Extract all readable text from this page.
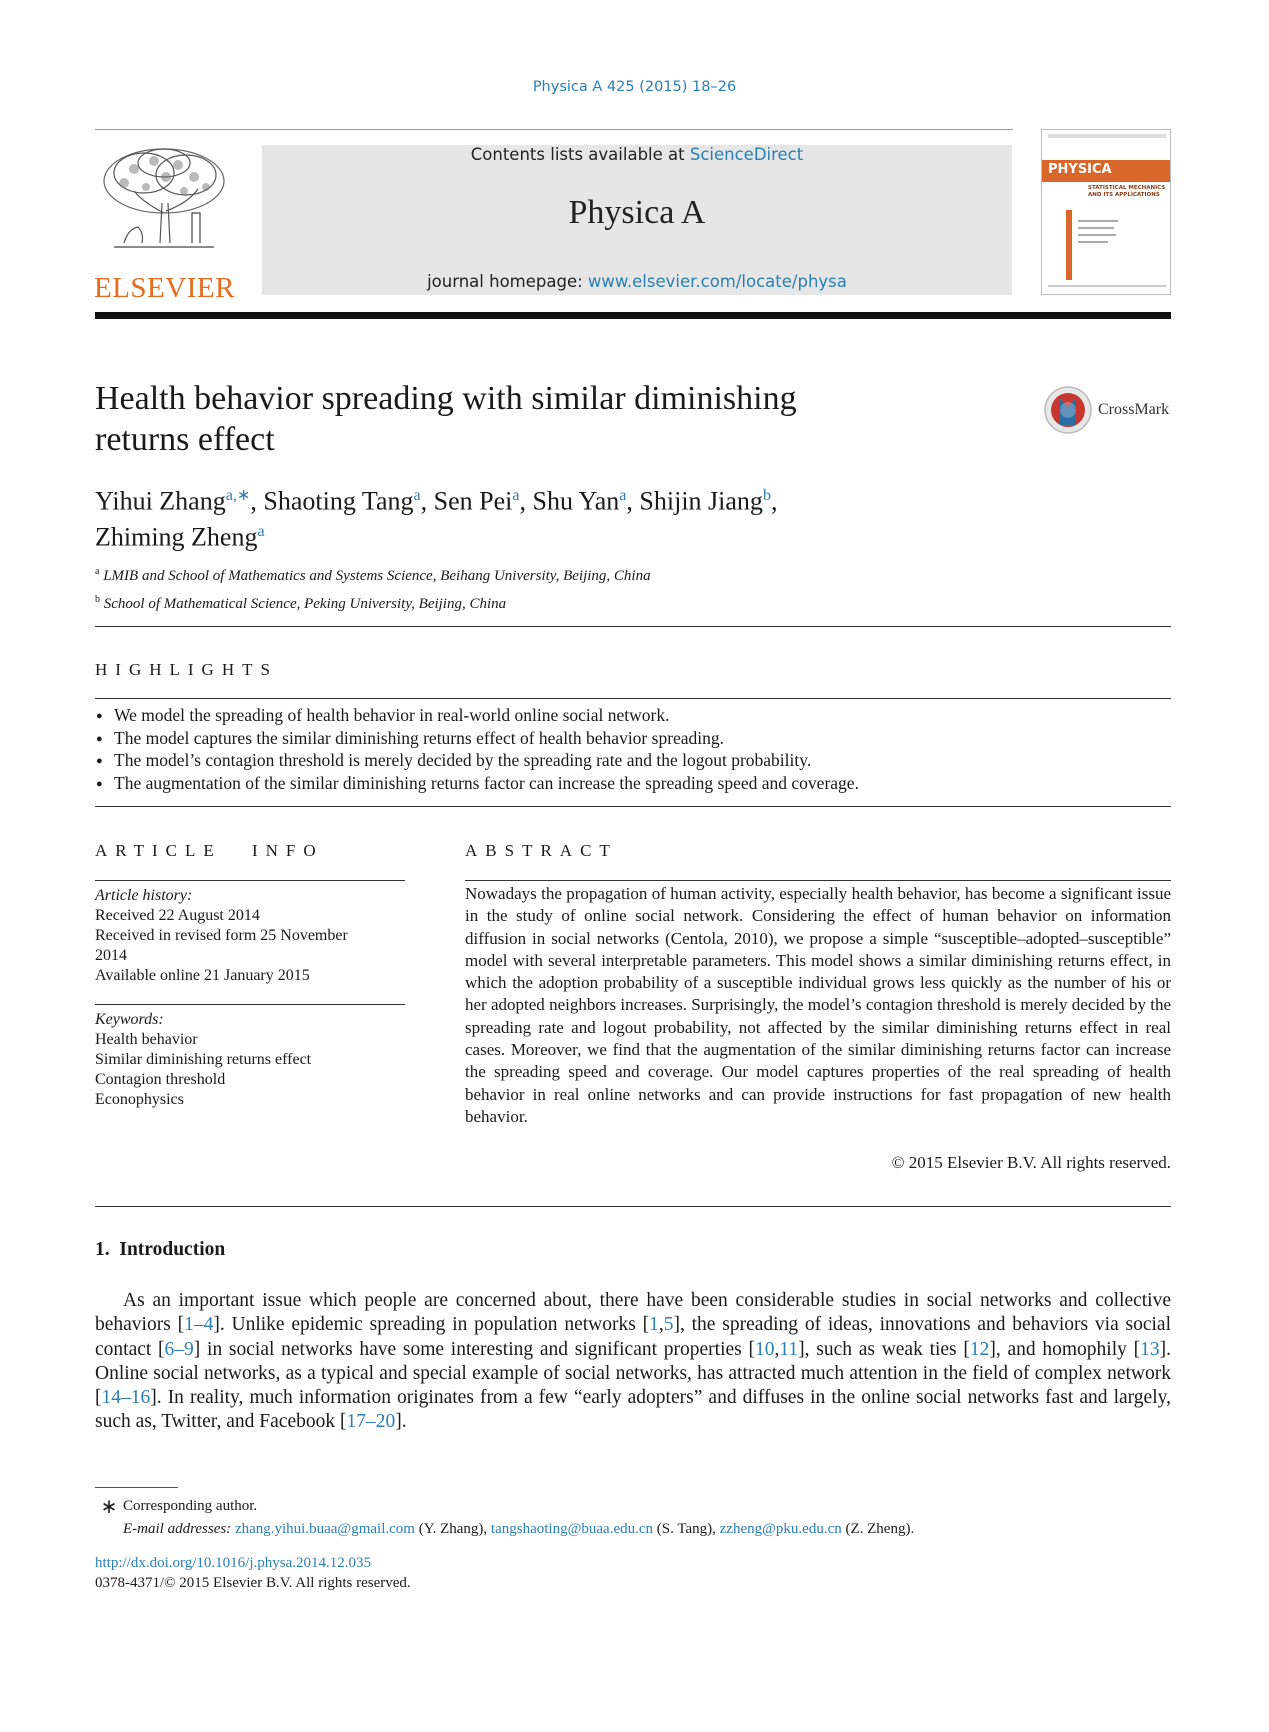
Physica A 425 (2015) 18–26
ELSEVIER
Contents lists available at ScienceDirect
Physica A
journal homepage: www.elsevier.com/locate/physa
PHYSICA
STATISTICAL MECHANICS AND ITS APPLICATIONS
Health behavior spreading with similar diminishing
returns effect
CrossMark
Yihui Zhang$^{a,∗}$, Shaoting Tang$^a$, Sen Pei$^a$, Shu Yan$^a$, Shijin Jiang$^b$,
Zhiming Zheng$^a$
$^a$ LMIB and School of Mathematics and Systems Science, Beihang University, Beijing, China
$^b$ School of Mathematical Science, Peking University, Beijing, China
HIGHLIGHTS
● We model the spreading of health behavior in real-world online social network.
● The model captures the similar diminishing returns effect of health behavior spreading.
● The model’s contagion threshold is merely decided by the spreading rate and the logout probability.
● The augmentation of the similar diminishing returns factor can increase the spreading speed and coverage.
ARTICLE INFO
Article history:
Received 22 August 2014
Received in revised form 25 November
2014
Available online 21 January 2015
Keywords:
Health behavior
Similar diminishing returns effect
Contagion threshold
Econophysics
ABSTRACT
Nowadays the propagation of human activity, especially health behavior, has become a significant issue in the study of online social network. Considering the effect of human behavior on information diffusion in social networks (Centola, 2010), we propose a simple “susceptible–adopted–susceptible” model with several interpretable parameters. This model shows a similar diminishing returns effect, in which the adoption probability of a susceptible individual grows less quickly as the number of his or her adopted neighbors increases. Surprisingly, the model’s contagion threshold is merely decided by the spreading rate and logout probability, not affected by the similar diminishing returns effect in real cases. Moreover, we find that the augmentation of the similar diminishing returns factor can increase the spreading speed and coverage. Our model captures properties of the real spreading of health behavior in real online networks and can provide instructions for fast propagation of new health behavior.
© 2015 Elsevier B.V. All rights reserved.
1.  Introduction

As an important issue which people are concerned about, there have been considerable studies in social networks and collective behaviors [1–4]. Unlike epidemic spreading in population networks [1,5], the spreading of ideas, innovations and behaviors via social contact [6–9] in social networks have some interesting and significant properties [10,11], such as weak ties [12], and homophily [13]. Online social networks, as a typical and special example of social networks, has attracted much attention in the field of complex network [14–16]. In reality, much information originates from a few “early adopters” and diffuses in the online social networks fast and largely, such as, Twitter, and Facebook [17–20].

∗ Corresponding author.
E-mail addresses: zhang.yihui.buaa@gmail.com (Y. Zhang), tangshaoting@buaa.edu.cn (S. Tang), zzheng@pku.edu.cn (Z. Zheng).
http://dx.doi.org/10.1016/j.physa.2014.12.035
0378-4371/© 2015 Elsevier B.V. All rights reserved.
